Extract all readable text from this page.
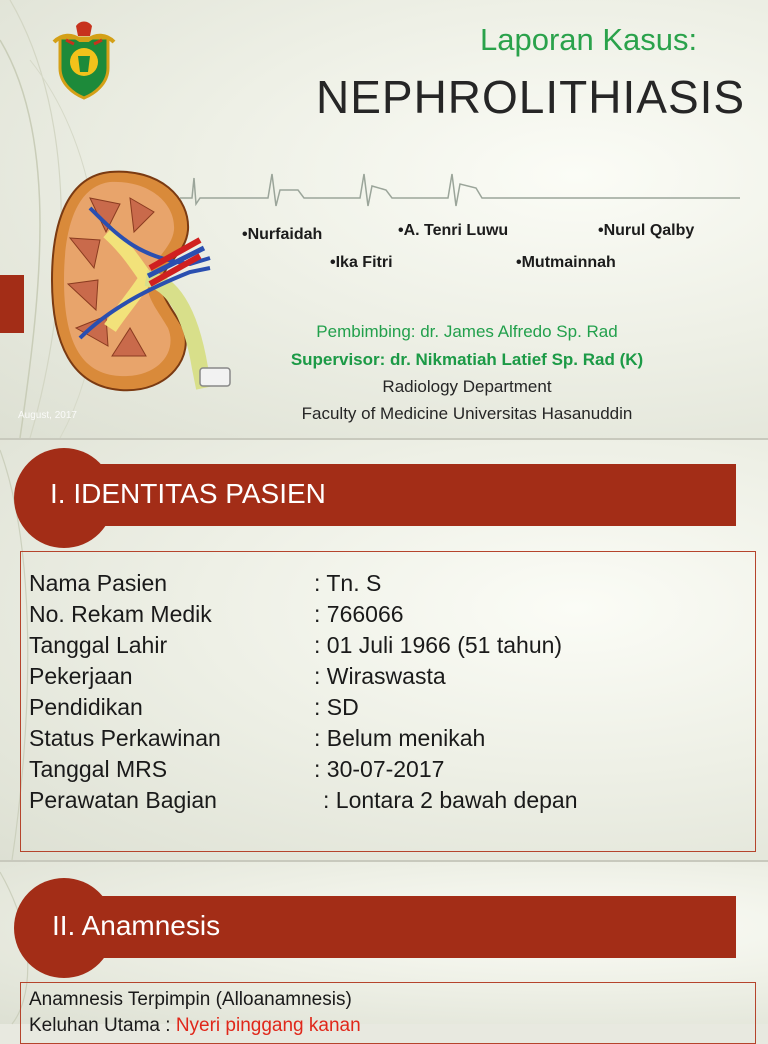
Laporan Kasus:
NEPHROLITHIASIS
•Nurfaidah	•A. Tenri Luwu	•Nurul Qalby
•Ika Fitri	•Mutmainnah
Pembimbing: dr. James Alfredo Sp. Rad
Supervisor: dr. Nikmatiah Latief Sp. Rad (K)
Radiology Department
Faculty of Medicine Universitas Hasanuddin
August, 2017
I. IDENTITAS PASIEN
Nama Pasien	: Tn. S
No. Rekam Medik	: 766066
Tanggal Lahir	: 01 Juli 1966 (51 tahun)
Pekerjaan	: Wiraswasta
Pendidikan	: SD
Status Perkawinan	: Belum menikah
Tanggal MRS	: 30-07-2017
Perawatan Bagian	: Lontara 2 bawah depan
II. Anamnesis
Anamnesis Terpimpin (Alloanamnesis)
Keluhan Utama : Nyeri pinggang kanan
